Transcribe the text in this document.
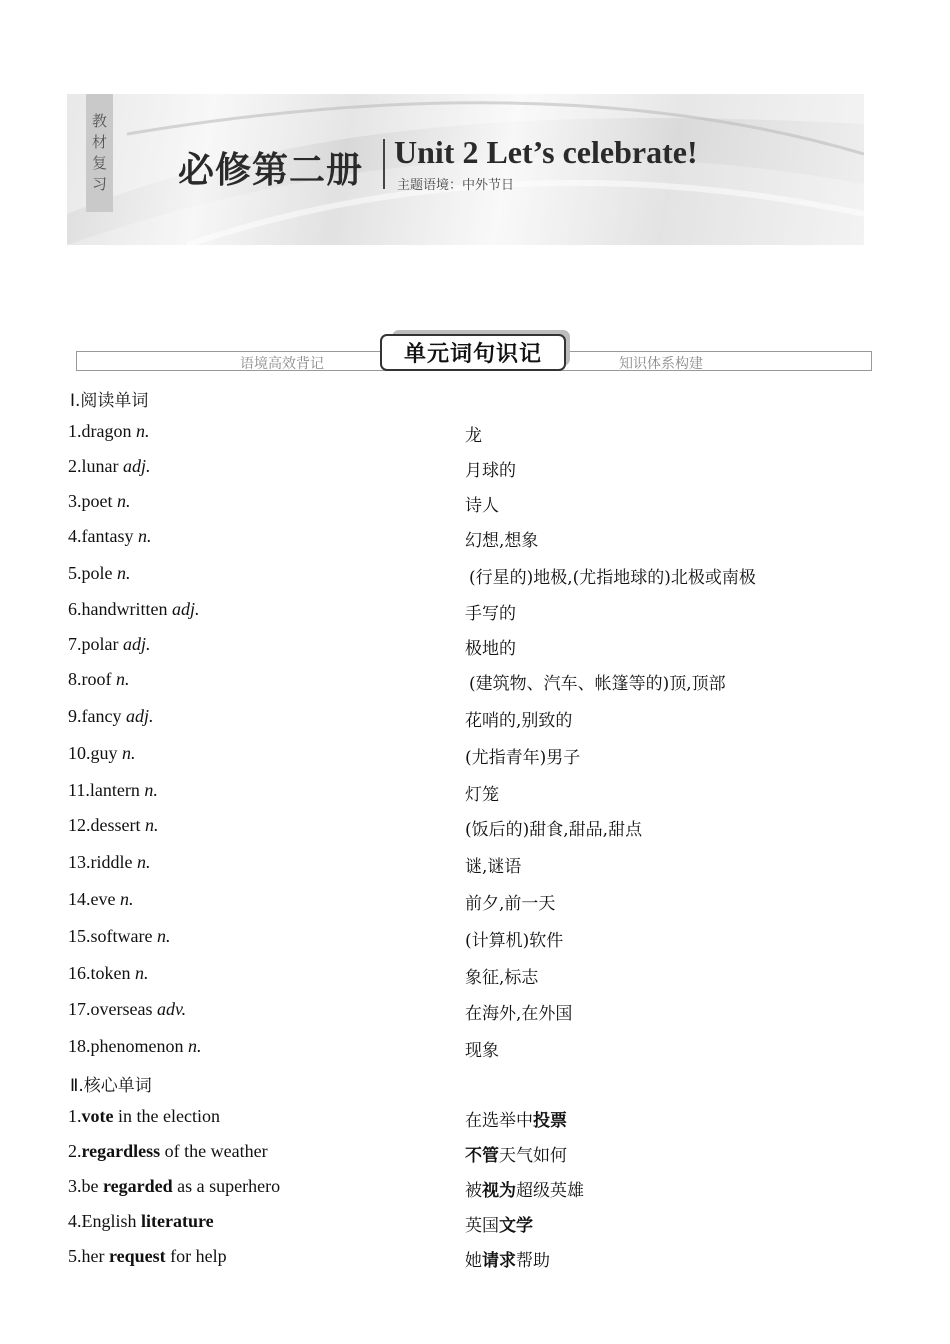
教
材
复
习 必修第二册 Unit 2 Let’s celebrate!
主题语境：中外节日
语境高效背记	知识体系构建
单元词句识记
Ⅰ.阅读单词
1.dragon n.	龙
2.lunar adj.	月球的
3.poet n.	诗人
4.fantasy n.	幻想,想象
5.pole n.	(行星的)地极,(尤指地球的)北极或南极
6.handwritten adj.	手写的
7.polar adj.	极地的
8.roof n.	(建筑物、汽车、帐篷等的)顶,顶部
9.fancy adj.	花哨的,别致的
10.guy n.	(尤指青年)男子
11.lantern n.	灯笼
12.dessert n.	(饭后的)甜食,甜品,甜点
13.riddle n.	谜,谜语
14.eve n.	前夕,前一天
15.software n.	(计算机)软件
16.token n.	象征,标志
17.overseas adv.	在海外,在外国
18.phenomenon n.	现象
Ⅱ.核心单词
1.vote in the election	在选举中投票
2.regardless of the weather	不管天气如何
3.be regarded as a superhero	被视为超级英雄
4.English literature	英国文学
5.her request for help	她请求帮助
